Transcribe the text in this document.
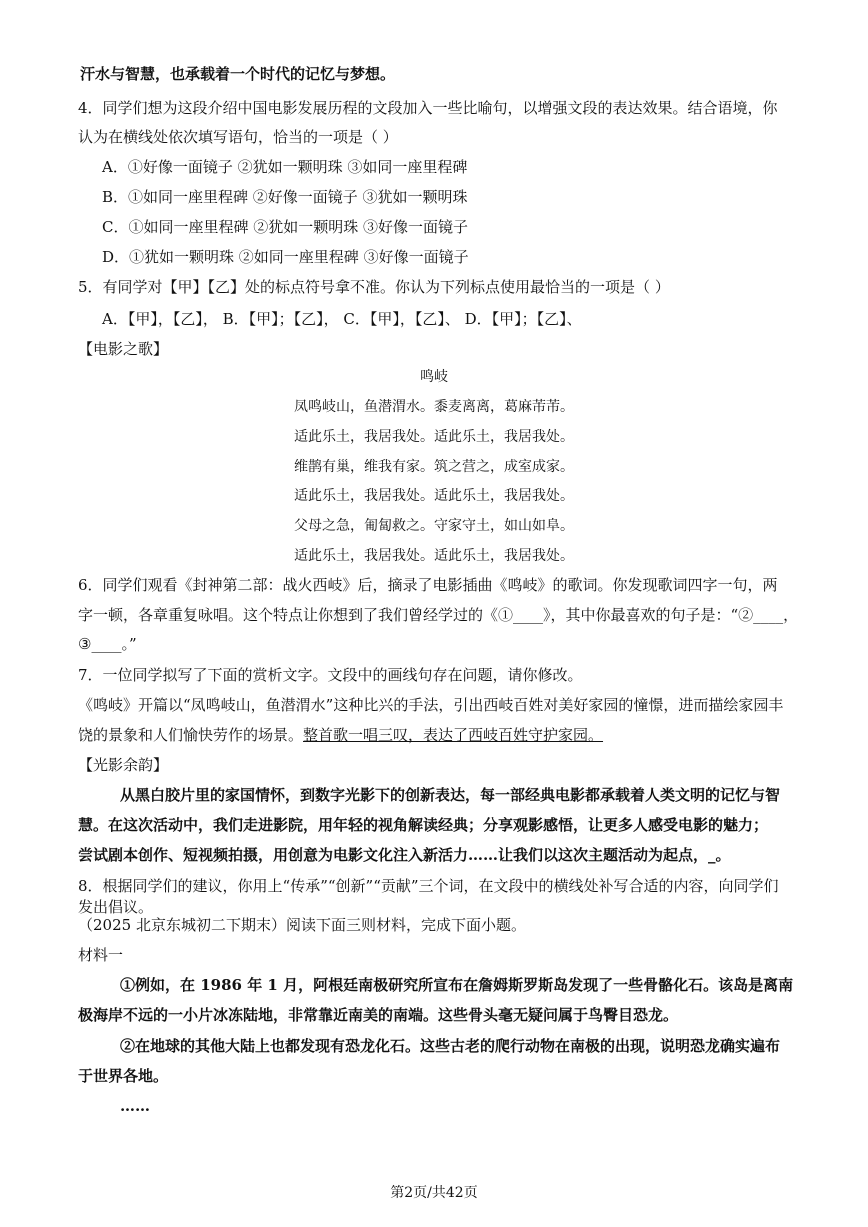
汗水与智慧，也承载着一个时代的记忆与梦想。
4．同学们想为这段介绍中国电影发展历程的文段加入一些比喻句，以增强文段的表达效果。结合语境，你
认为在横线处依次填写语句，恰当的一项是（ ）
A．①好像一面镜子 ②犹如一颗明珠 ③如同一座里程碑
B．①如同一座里程碑 ②好像一面镜子 ③犹如一颗明珠
C．①如同一座里程碑 ②犹如一颗明珠 ③好像一面镜子
D．①犹如一颗明珠 ②如同一座里程碑 ③好像一面镜子
5．有同学对【甲】【乙】处的标点符号拿不准。你认为下列标点使用最恰当的一项是（ ）
A．【甲】，【乙】， B．【甲】；【乙】， C．【甲】，【乙】、 D．【甲】；【乙】、
【电影之歌】
鸣岐
凤鸣岐山，鱼潜渭水。黍麦离离，葛麻芾芾。
适此乐土，我居我处。适此乐土，我居我处。
维鹊有巢，维我有家。筑之营之，成室成家。
适此乐土，我居我处。适此乐土，我居我处。
父母之急，匍匐救之。守家守土，如山如阜。
适此乐土，我居我处。适此乐土，我居我处。
6．同学们观看《封神第二部：战火西岐》后，摘录了电影插曲《鸣岐》的歌词。你发现歌词四字一句，两
字一顿，各章重复咏唱。这个特点让你想到了我们曾经学过的《①____》，其中你最喜欢的句子是：“②____，
③____。”
7．一位同学拟写了下面的赏析文字。文段中的画线句存在问题，请你修改。
《鸣岐》开篇以“凤鸣岐山，鱼潜渭水”这种比兴的手法，引出西岐百姓对美好家园的憧憬，进而描绘家园丰
饶的景象和人们愉快劳作的场景。整首歌一唱三叹，表达了西岐百姓守护家园。
【光影余韵】
从黑白胶片里的家国情怀，到数字光影下的创新表达，每一部经典电影都承载着人类文明的记忆与智
慧。在这次活动中，我们走进影院，用年轻的视角解读经典；分享观影感悟，让更多人感受电影的魅力；
尝试剧本创作、短视频拍摄，用创意为电影文化注入新活力……让我们以这次主题活动为起点，_。
8．根据同学们的建议，你用上“传承”“创新”“贡献”三个词，在文段中的横线处补写合适的内容，向同学们
发出倡议。
（2025 北京东城初二下期末）阅读下面三则材料，完成下面小题。
材料一
①例如，在 1986 年 1 月，阿根廷南极研究所宣布在詹姆斯罗斯岛发现了一些骨骼化石。该岛是离南
极海岸不远的一小片冰冻陆地，非常靠近南美的南端。这些骨头毫无疑问属于鸟臀目恐龙。
②在地球的其他大陆上也都发现有恐龙化石。这些古老的爬行动物在南极的出现，说明恐龙确实遍布
于世界各地。
……
第2页/共42页
